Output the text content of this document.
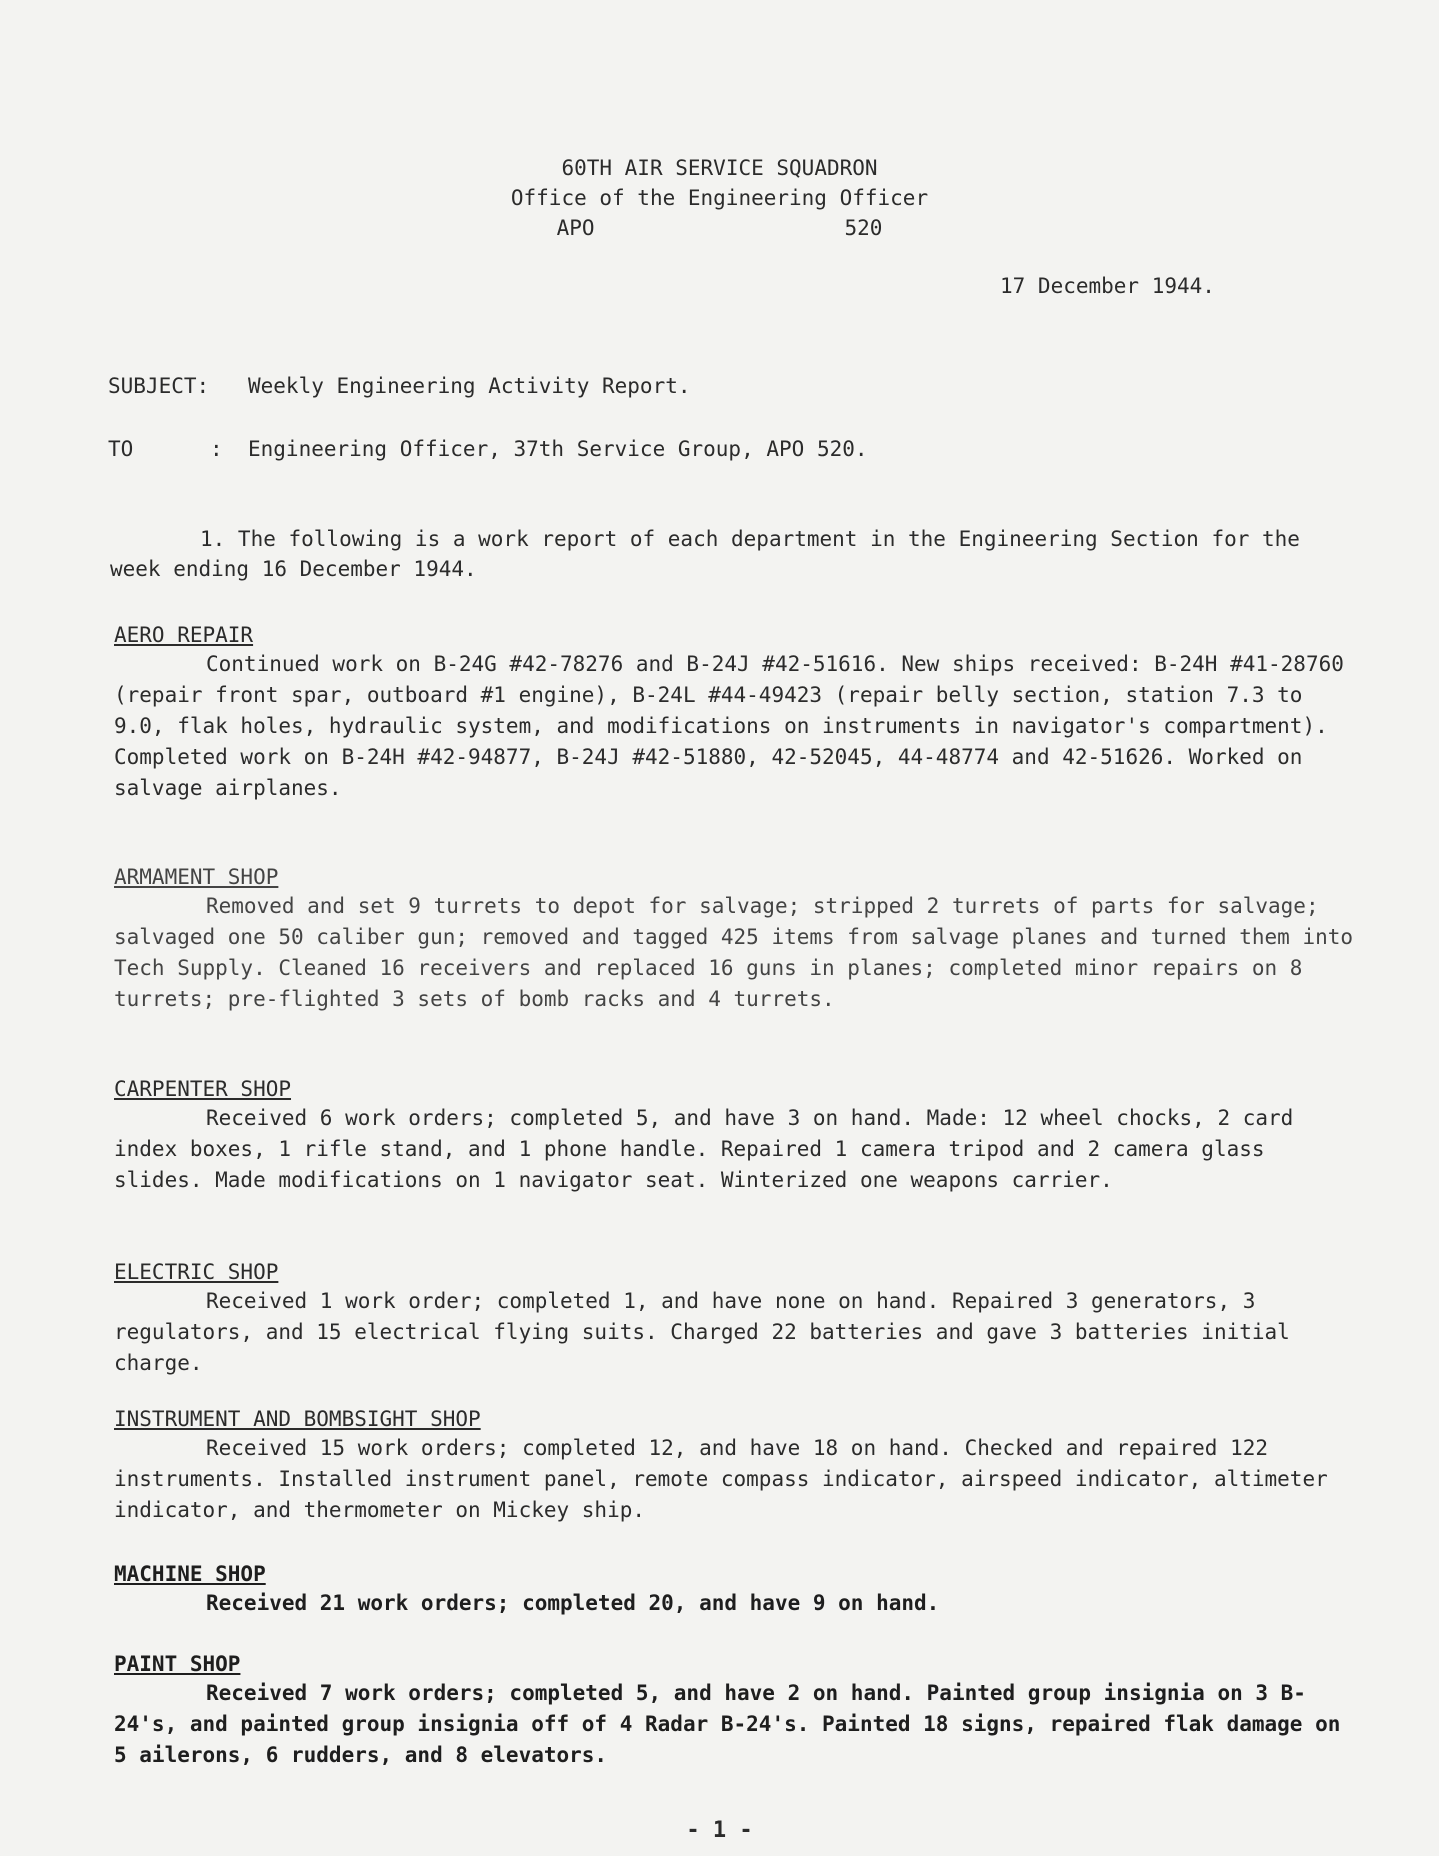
60TH AIR SERVICE SQUADRON
Office of the Engineering Officer
APO	520
17 December 1944.
SUBJECT: Weekly Engineering Activity Report.
TO	: Engineering Officer, 37th Service Group, APO 520.
1. The following is a work report of each department in the Engineering Section for the week ending 16 December 1944.
AERO REPAIR
Continued work on B-24G #42-78276 and B-24J #42-51616. New ships received: B-24H #41-28760 (repair front spar, outboard #1 engine), B-24L #44-49423 (repair belly section, station 7.3 to 9.0, flak holes, hydraulic system, and modifications on instruments in navigator's compartment). Completed work on B-24H #42-94877, B-24J #42-51880, 42-52045, 44-48774 and 42-51626. Worked on salvage airplanes.
ARMAMENT SHOP
Removed and set 9 turrets to depot for salvage; stripped 2 turrets of parts for salvage; salvaged one 50 caliber gun; removed and tagged 425 items from salvage planes and turned them into Tech Supply. Cleaned 16 receivers and replaced 16 guns in planes; completed minor repairs on 8 turrets; pre-flighted 3 sets of bomb racks and 4 turrets.
CARPENTER SHOP
Received 6 work orders; completed 5, and have 3 on hand. Made: 12 wheel chocks, 2 card index boxes, 1 rifle stand, and 1 phone handle. Repaired 1 camera tripod and 2 camera glass slides. Made modifications on 1 navigator seat. Winterized one weapons carrier.
ELECTRIC SHOP
Received 1 work order; completed 1, and have none on hand. Repaired 3 generators, 3 regulators, and 15 electrical flying suits. Charged 22 batteries and gave 3 batteries initial charge.
INSTRUMENT AND BOMBSIGHT SHOP
Received 15 work orders; completed 12, and have 18 on hand. Checked and repaired 122 instruments. Installed instrument panel, remote compass indicator, airspeed indicator, altimeter indicator, and thermometer on Mickey ship.
MACHINE SHOP
Received 21 work orders; completed 20, and have 9 on hand.
PAINT SHOP
Received 7 work orders; completed 5, and have 2 on hand. Painted group insignia on 3 B-24's, and painted group insignia off of 4 Radar B-24's. Painted 18 signs, repaired flak damage on 5 ailerons, 6 rudders, and 8 elevators.
- 1 -
